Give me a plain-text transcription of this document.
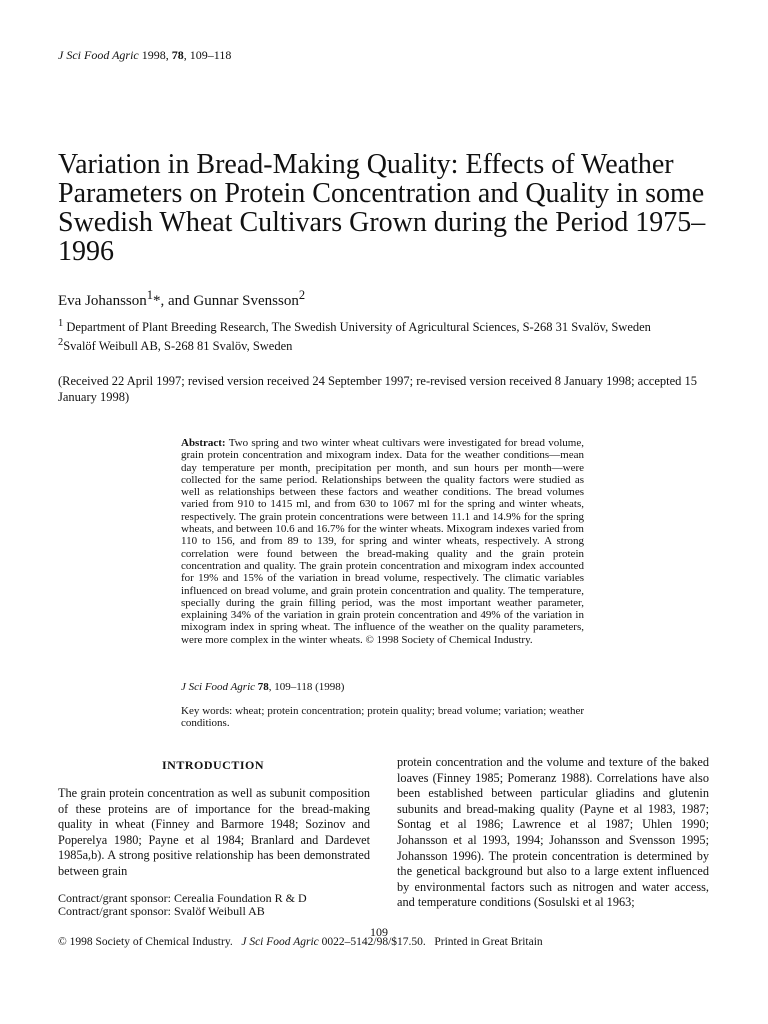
J Sci Food Agric 1998, 78, 109–118
Variation in Bread-Making Quality: Effects of Weather Parameters on Protein Concentration and Quality in some Swedish Wheat Cultivars Grown during the Period 1975–1996
Eva Johansson$^1$*, and Gunnar Svensson$^2$
$^1$ Department of Plant Breeding Research, The Swedish University of Agricultural Sciences, S-268 31 Svalöv, Sweden
$^2$Svalöf Weibull AB, S-268 81 Svalöv, Sweden
(Received 22 April 1997; revised version received 24 September 1997; re-revised version received 8 January 1998; accepted 15 January 1998)
Abstract: Two spring and two winter wheat cultivars were investigated for bread volume, grain protein concentration and mixogram index. Data for the weather conditions—mean day temperature per month, precipitation per month, and sun hours per month—were collected for the same period. Relationships between the quality factors were studied as well as relationships between these factors and weather conditions. The bread volumes varied from 910 to 1415 ml, and from 630 to 1067 ml for the spring and winter wheats, respectively. The grain protein concentrations were between 11.1 and 14.9% for the spring wheats, and between 10.6 and 16.7% for the winter wheats. Mixogram indexes varied from 110 to 156, and from 89 to 139, for spring and winter wheats, respectively. A strong correlation were found between the bread-making quality and the grain protein concentration and quality. The grain protein concentration and mixogram index accounted for 19% and 15% of the variation in bread volume, respectively. The climatic variables influenced on bread volume, and grain protein concentration and quality. The temperature, specially during the grain filling period, was the most important weather parameter, explaining 34% of the variation in grain protein concentration and 49% of the variation in mixogram index in spring wheat. The influence of the weather on the quality parameters, were more complex in the winter wheats. © 1998 Society of Chemical Industry.
J Sci Food Agric 78, 109–118 (1998)
Key words: wheat; protein concentration; protein quality; bread volume; variation; weather conditions.
INTRODUCTION
The grain protein concentration as well as subunit composition of these proteins are of importance for the bread-making quality in wheat (Finney and Barmore 1948; Sozinov and Poperelya 1980; Payne et al 1984; Branlard and Dardevet 1985a,b). A strong positive relationship has been demonstrated between grain
protein concentration and the volume and texture of the baked loaves (Finney 1985; Pomeranz 1988). Correlations have also been established between particular gliadins and glutenin subunits and bread-making quality (Payne et al 1983, 1987; Sontag et al 1986; Lawrence et al 1987; Uhlen 1990; Johansson et al 1993, 1994; Johansson and Svensson 1995; Johansson 1996). The protein concentration is determined by the genetical background but also to a large extent influenced by environmental factors such as nitrogen and water access, and temperature conditions (Sosulski et al 1963;
Contract/grant sponsor: Cerealia Foundation R & D
Contract/grant sponsor: Svalöf Weibull AB
109
© 1998 Society of Chemical Industry. J Sci Food Agric 0022–5142/98/$17.50. Printed in Great Britain
